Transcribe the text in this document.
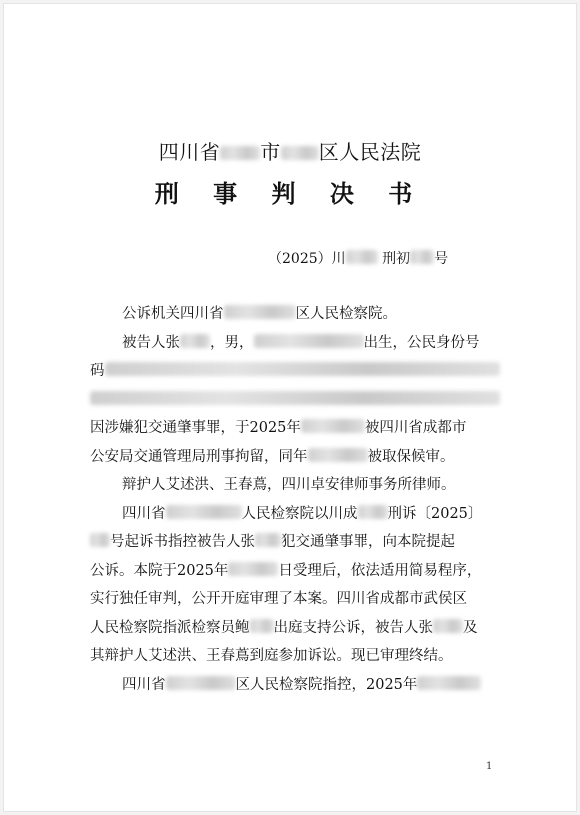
四川省 市 区人民法院
刑 事 判 决 书
（2025）川	刑初 号

公诉机关四川省	区人民检察院。

被告人张 ，男，	出生，公民身份号
码
因涉嫌犯交通肇事罪，于2025年	被四川省成都市
公安局交通管理局刑事拘留，同年	被取保候审。

辩护人艾述洪、王春蔦，四川卓安律师事务所律师。

四川省	人民检察院以川成 刑诉〔2025〕
号起诉书指控被告人张 犯交通肇事罪，向本院提起
公诉。本院于2025年	日受理后，依法适用简易程序，
实行独任审判，公开开庭审理了本案。四川省成都市武侯区
人民检察院指派检察员鲍 出庭支持公诉，被告人张 及
其辩护人艾述洪、王春蔦到庭参加诉讼。现已审理终结。

四川省	区人民检察院指控，2025年

1
